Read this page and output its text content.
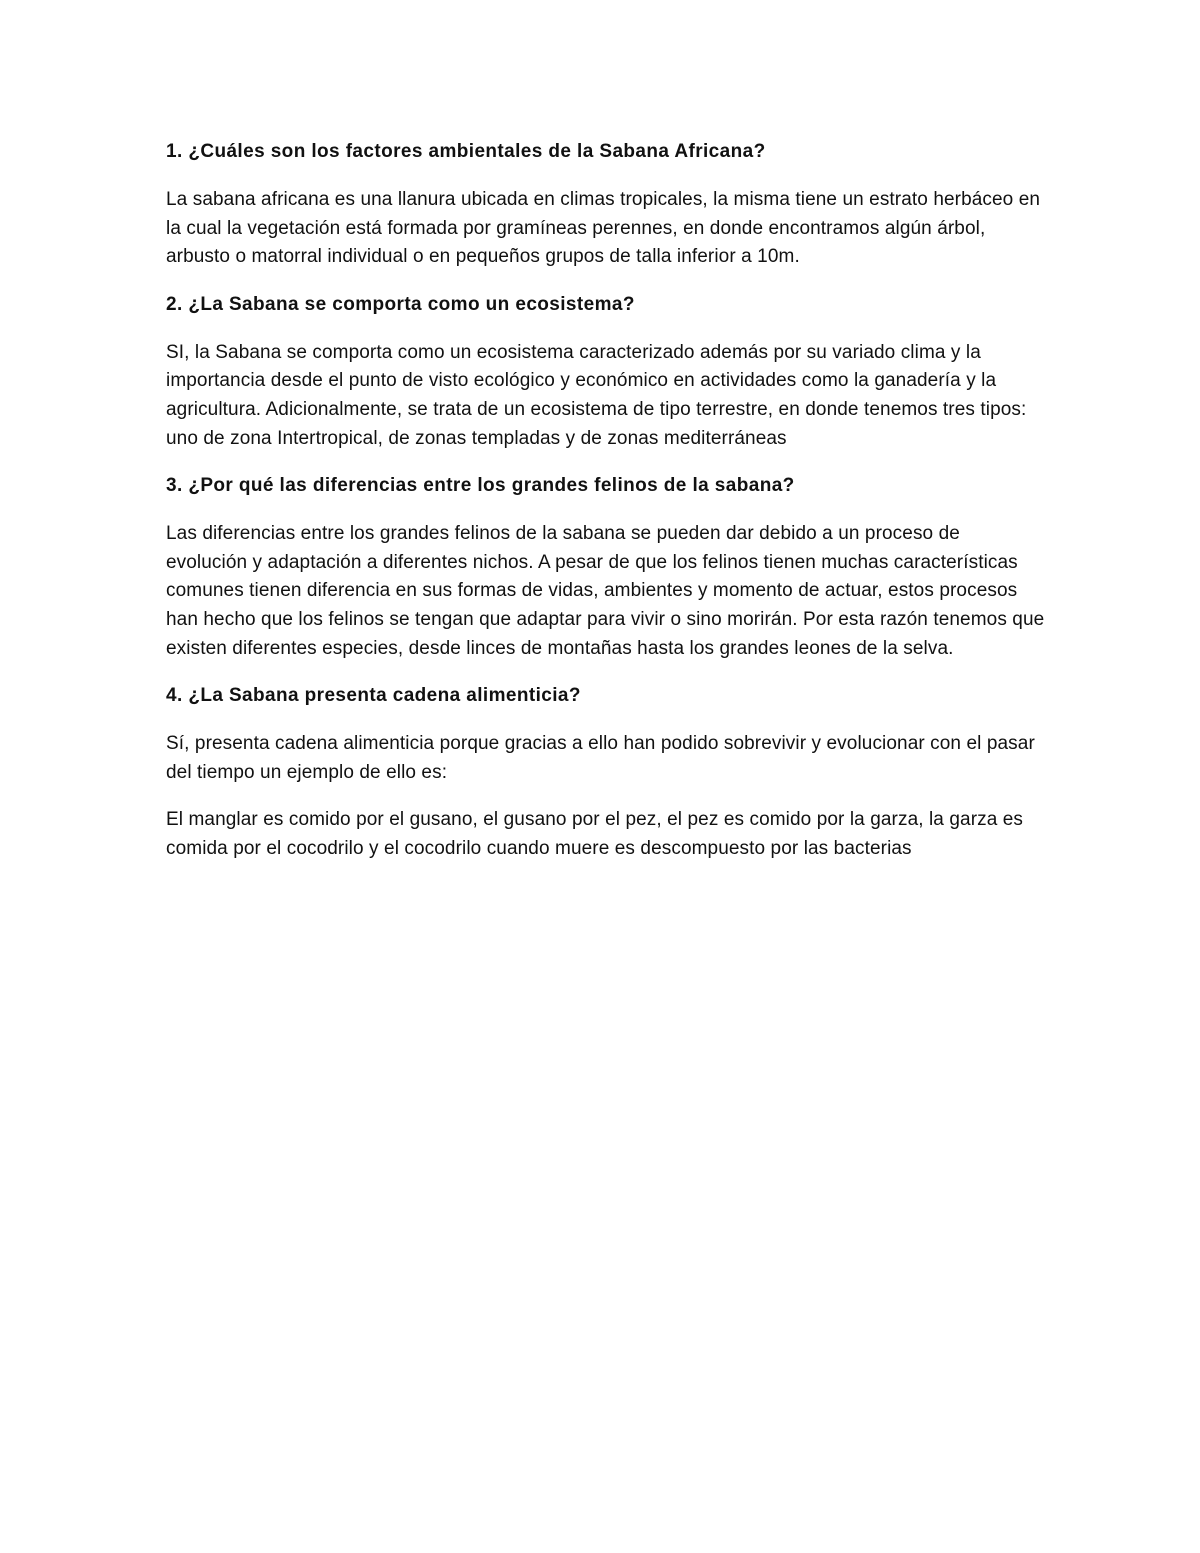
1. ¿Cuáles son los factores ambientales de la Sabana Africana?

La sabana africana es una llanura ubicada en climas tropicales, la misma tiene un estrato herbáceo en la cual la vegetación está formada por gramíneas perennes, en donde encontramos algún árbol, arbusto o matorral individual o en pequeños grupos de talla inferior a 10m.

2. ¿La Sabana se comporta como un ecosistema?

SI, la Sabana se comporta como un ecosistema caracterizado además por su variado clima y la importancia desde el punto de visto ecológico y económico en actividades como la ganadería y la agricultura. Adicionalmente, se trata de un ecosistema de tipo terrestre, en donde tenemos tres tipos: uno de zona Intertropical, de zonas templadas y de zonas mediterráneas

3. ¿Por qué las diferencias entre los grandes felinos de la sabana?

Las diferencias entre los grandes felinos de la sabana se pueden dar debido a un proceso de evolución y adaptación a diferentes nichos. A pesar de que los felinos tienen muchas características comunes tienen diferencia en sus formas de vidas, ambientes y momento de actuar, estos procesos han hecho que los felinos se tengan que adaptar para vivir o sino morirán. Por esta razón tenemos que existen diferentes especies, desde linces de montañas hasta los grandes leones de la selva.

4. ¿La Sabana presenta cadena alimenticia?

Sí, presenta cadena alimenticia porque gracias a ello han podido sobrevivir y evolucionar con el pasar del tiempo un ejemplo de ello es:

El manglar es comido por el gusano, el gusano por el pez, el pez es comido por la garza, la garza es comida por el cocodrilo y el cocodrilo cuando muere es descompuesto por las bacterias
